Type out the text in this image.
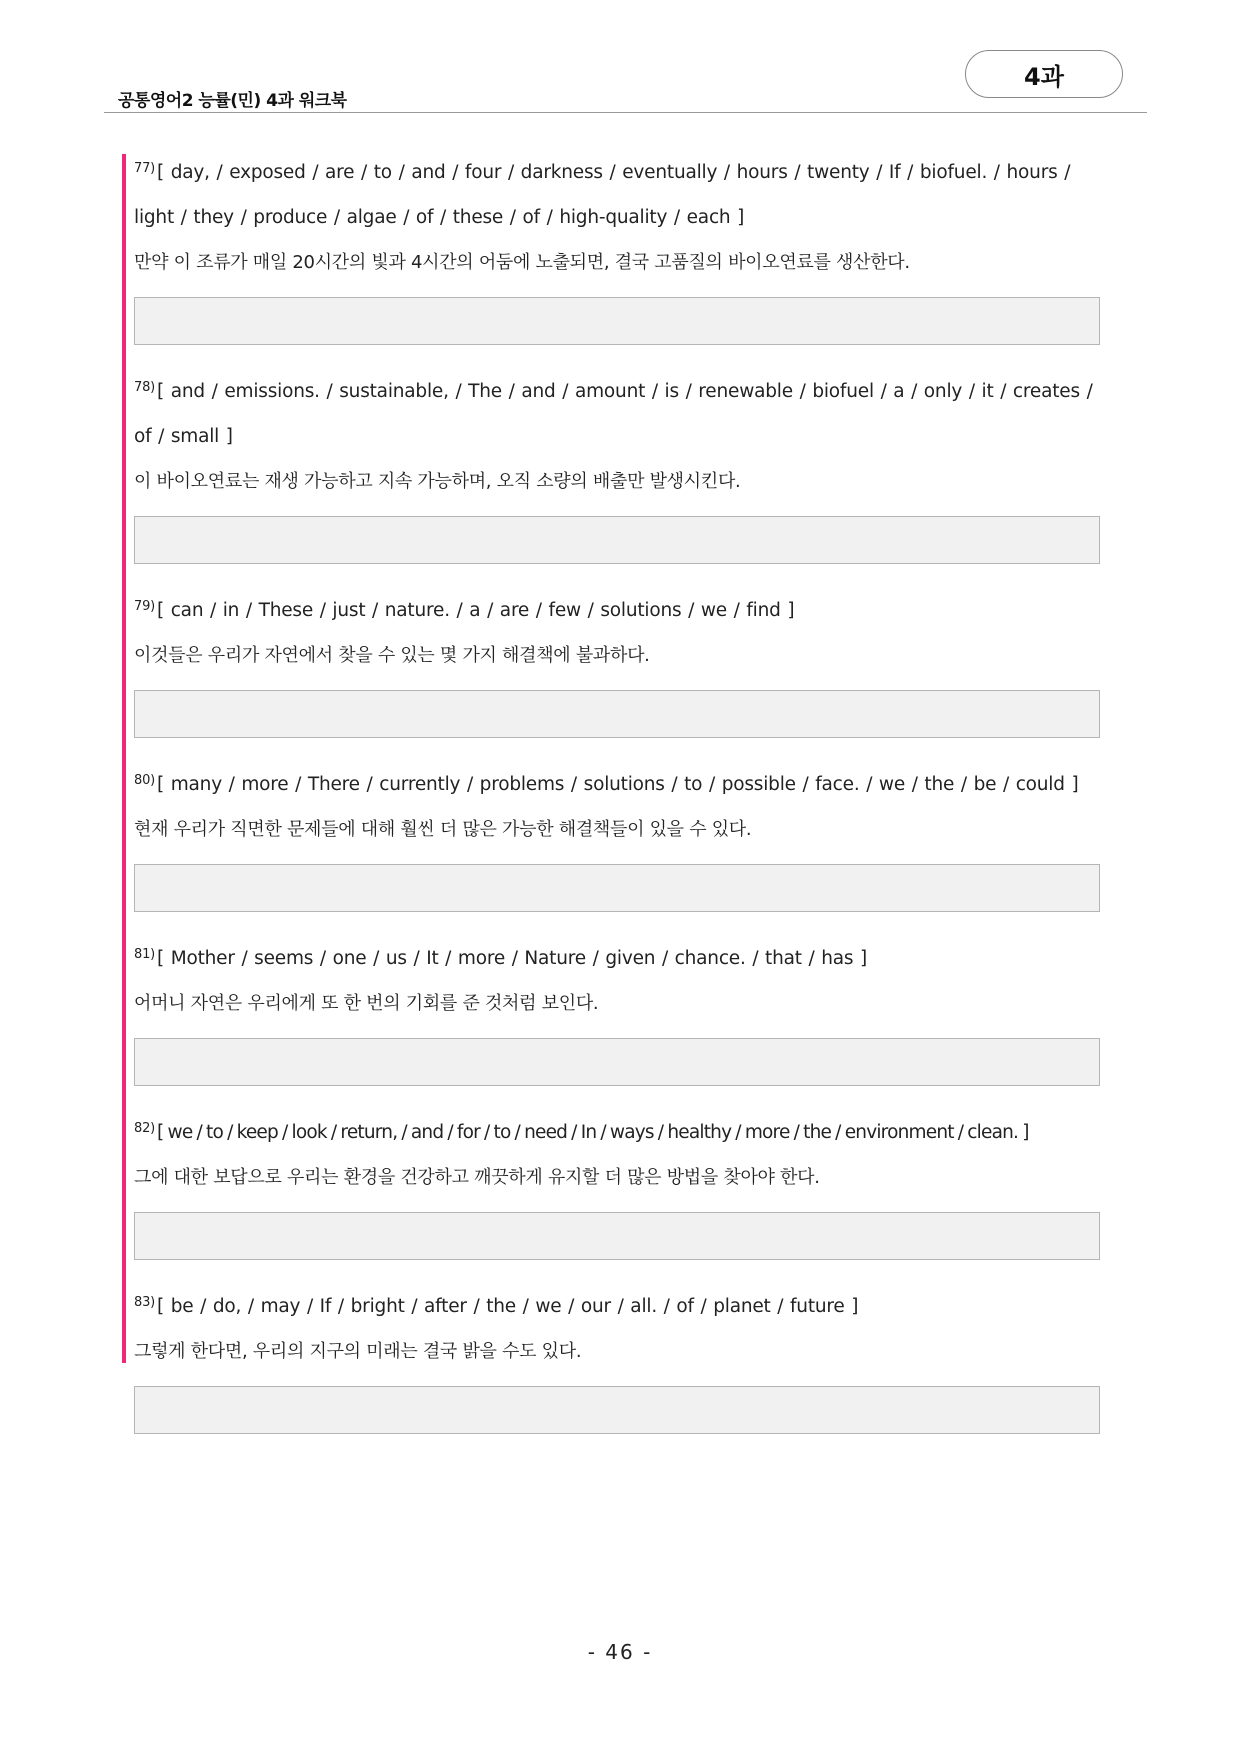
공통영어2 능률(민) 4과 워크북
4과
$^{77)}$ [ day, / exposed / are / to / and / four / darkness / eventually / hours / twenty / If / biofuel. / hours / light / they / produce / algae / of / these / of / high-quality / each ]
만약 이 조류가 매일 20시간의 빛과 4시간의 어둠에 노출되면, 결국 고품질의 바이오연료를 생산한다.
$^{78)}$ [ and / emissions. / sustainable, / The / and / amount / is / renewable / biofuel / a / only / it / creates / of / small ]
이 바이오연료는 재생 가능하고 지속 가능하며, 오직 소량의 배출만 발생시킨다.
$^{79)}$ [ can / in / These / just / nature. / a / are / few / solutions / we / find ]
이것들은 우리가 자연에서 찾을 수 있는 몇 가지 해결책에 불과하다.
$^{80)}$ [ many / more / There / currently / problems / solutions / to / possible / face. / we / the / be / could ]
현재 우리가 직면한 문제들에 대해 훨씬 더 많은 가능한 해결책들이 있을 수 있다.
$^{81)}$ [ Mother / seems / one / us / It / more / Nature / given / chance. / that / has ]
어머니 자연은 우리에게 또 한 번의 기회를 준 것처럼 보인다.
$^{82)}$ [ we / to / keep / look / return, / and / for / to / need / In / ways / healthy / more / the / environment / clean. ]
그에 대한 보답으로 우리는 환경을 건강하고 깨끗하게 유지할 더 많은 방법을 찾아야 한다.
$^{83)}$ [ be / do, / may / If / bright / after / the / we / our / all. / of / planet / future ]
그렇게 한다면, 우리의 지구의 미래는 결국 밝을 수도 있다.
- 46 -
